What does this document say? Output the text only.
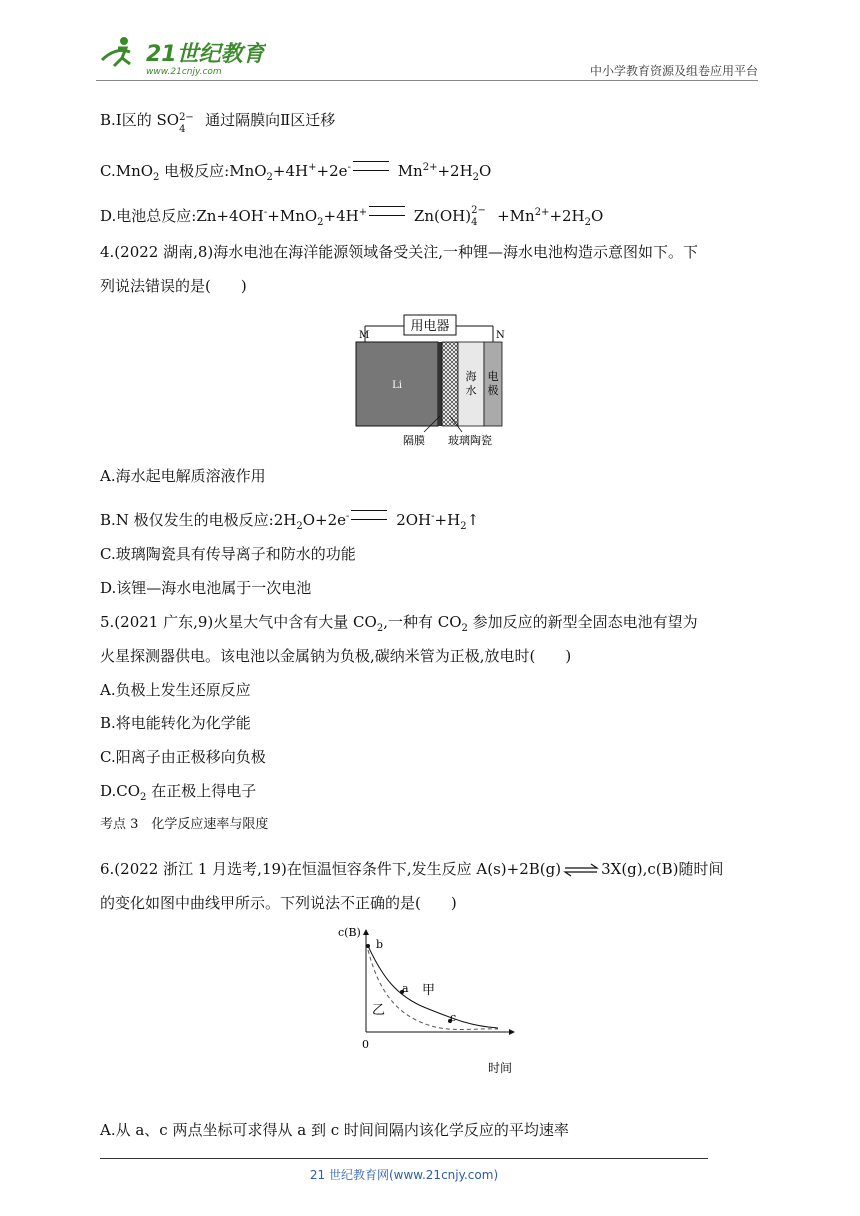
21世纪教育
www.21cnjy.com	中小学教育资源及组卷应用平台
B.Ⅰ区的 SO 2−
4
通过隔膜向Ⅱ区迁移
C.MnO$_2$ 电极反应:MnO$_2$+4H++2e-	$Mn^{2+}+2H_2O$
D.电池总反应:Zn+4OH-+MnO$_2$+4H+	Zn(OH) 2−
$4 +Mn^{2+}+2H_2O$
4.(2022 湖南,8)海水电池在海洋能源领域备受关注,一种锂—海水电池构造示意图如下。下
列说法错误的是(　　)
用电器
M	N
Li
海
水
电
极
隔膜 玻璃陶瓷
A.海水起电解质溶液作用
B.N 极仅发生的电极反应$:2H_2O+2e^-$	$2OH^-+H_2↑$
C.玻璃陶瓷具有传导离子和防水的功能
D.该锂—海水电池属于一次电池
5.(2021 广东,9)火星大气中含有大量 $CO_2$,一种有 $CO_2$ 参加反应的新型全固态电池有望为
火星探测器供电。该电池以金属钠为负极,碳纳米管为正极,放电时(　　)
A.负极上发生还原反应
B.将电能转化为化学能
C.阳离子由正极移向负极
$D.CO_2$ 在正极上得电子
考点 3　化学反应速率与限度
6.(2022 浙江 1 月选考,19)在恒温恒容条件下,发生反应 A(s)+2B(g) ⇌ 3X(g),c(B)随时间
的变化如图中曲线甲所示。下列说法不正确的是(　　)
c(B)
时间
0
b
a
c
甲
乙
A.从 a、c 两点坐标可求得从 a 到 c 时间间隔内该化学反应的平均速率
21 世纪教育网(www.21cnjy.com)
